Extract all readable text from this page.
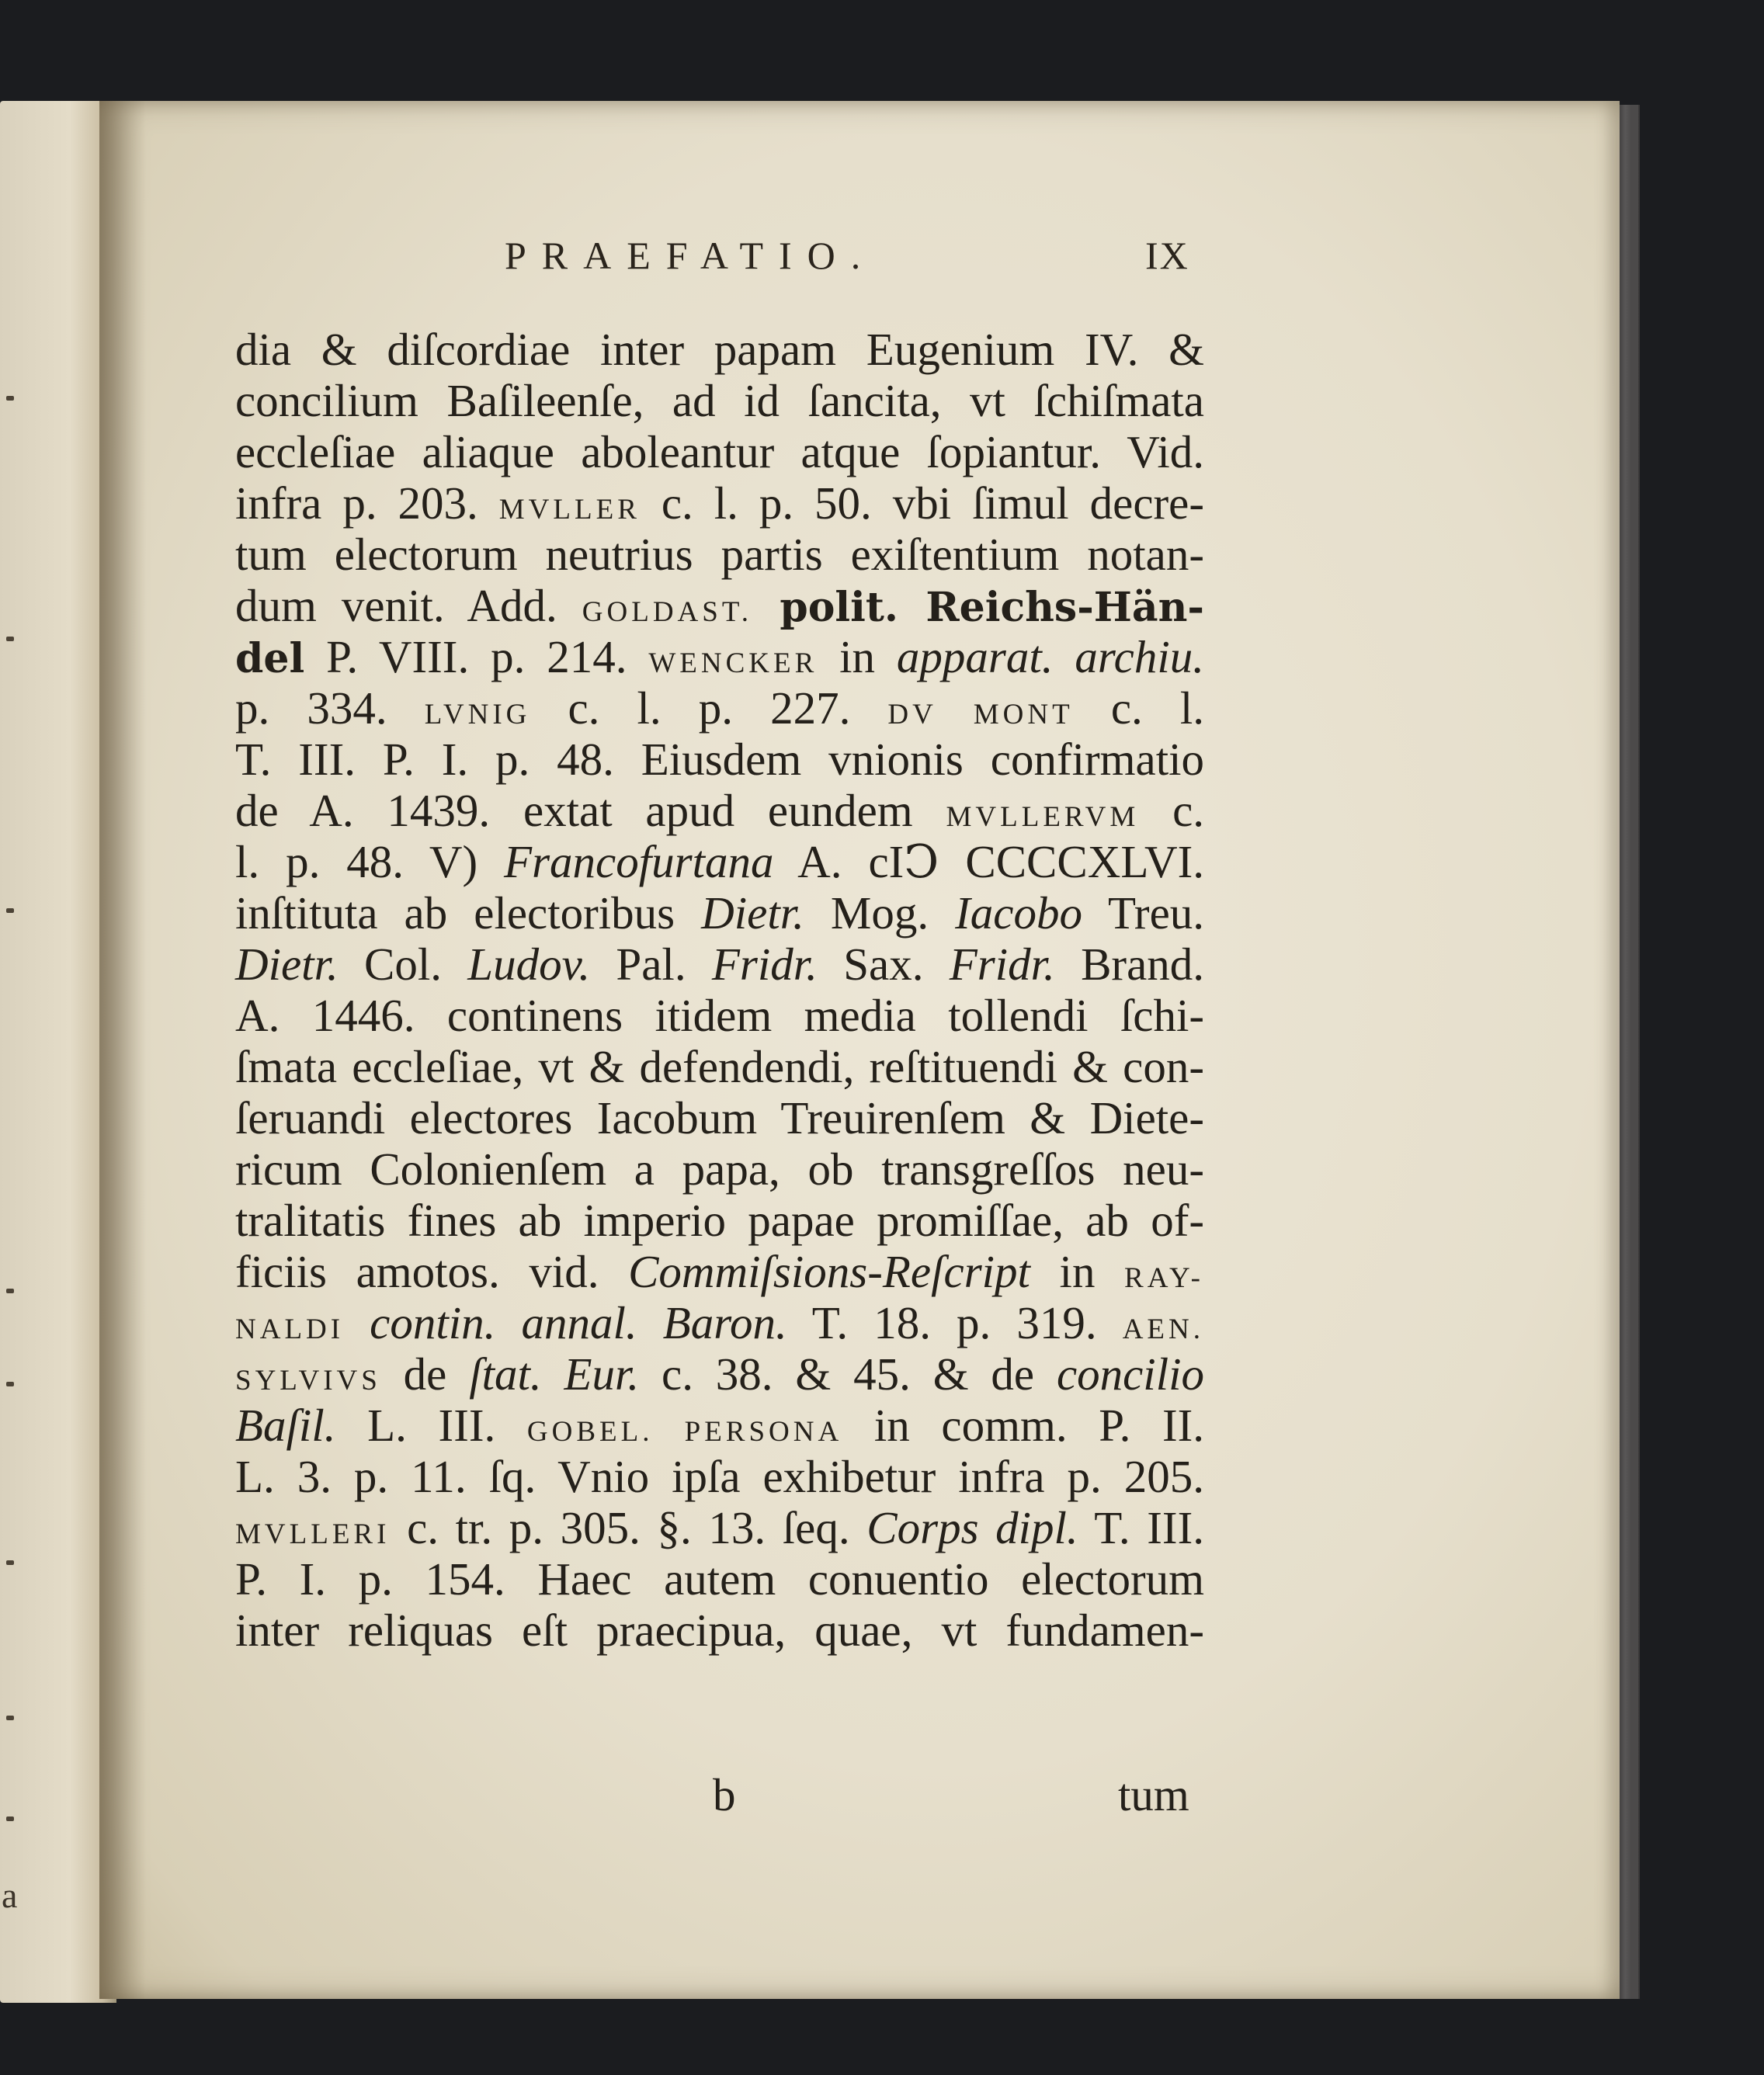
a
PRAEFATIO.	IX
dia & diſcordiae inter papam Eugenium IV. &
concilium Baſileenſe, ad id ſancita, vt ſchiſmata
eccleſiae aliaque aboleantur atque ſopiantur. Vid.
infra p. 203. MVLLER c. l. p. 50. vbi ſimul decre-
tum electorum neutrius partis exiſtentium notan-
dum venit. Add. GOLDAST. polit. Reichs-Hän-
del P. VIII. p. 214. WENCKER in apparat. archiu.
p. 334. LVNIG c. l. p. 227. DV MONT c. l.
T. III. P. I. p. 48. Eiusdem vnionis confirmatio
de A. 1439. extat apud eundem MVLLERVM c.
l. p. 48. V) Francofurtana A. cIↃ CCCCXLVI.
inſtituta ab electoribus Dietr. Mog. Iacobo Treu.
Dietr. Col. Ludov. Pal. Fridr. Sax. Fridr. Brand.
A. 1446. continens itidem media tollendi ſchi-
ſmata eccleſiae, vt & defendendi, reſtituendi & con-
ſeruandi electores Iacobum Treuirenſem & Diete-
ricum Colonienſem a papa, ob transgreſſos neu-
tralitatis fines ab imperio papae promiſſae, ab of-
ficiis amotos. vid. Commiſsions-Reſcript in RAY-
NALDI contin. annal. Baron. T. 18. p. 319. AEN.
SYLVIVS de ſtat. Eur. c. 38. & 45. & de concilio
Baſil. L. III. GOBEL. PERSONA in comm. P. II.
L. 3. p. 11. ſq. Vnio ipſa exhibetur infra p. 205.
MVLLERI c. tr. p. 305. §. 13. ſeq. Corps dipl. T. III.
P. I. p. 154. Haec autem conuentio electorum
inter reliquas eſt praecipua, quae, vt fundamen-
b	tum
